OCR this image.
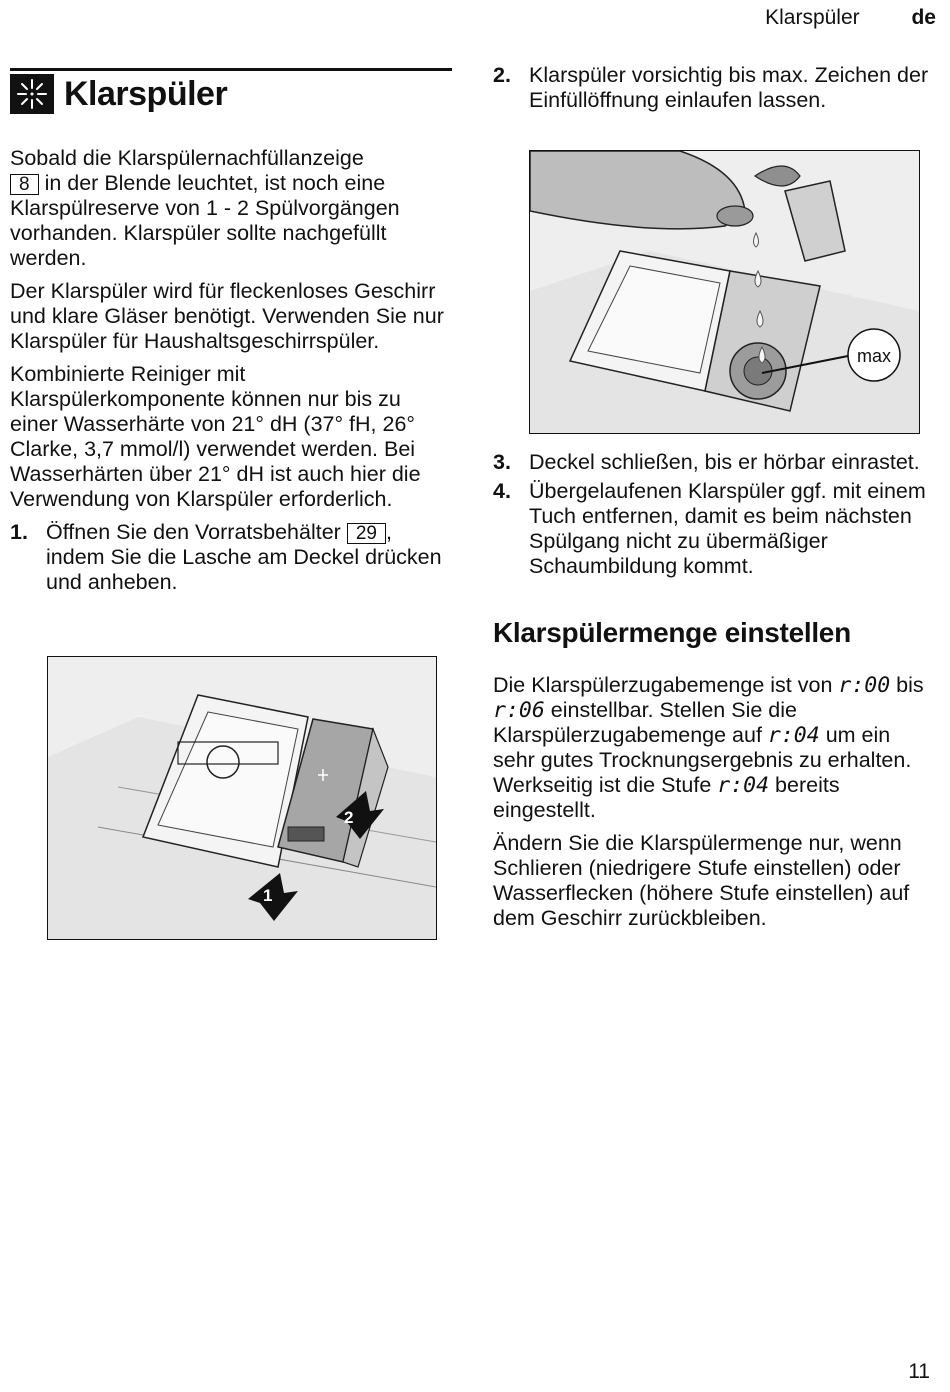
Klarspüler de
Klarspüler

Sobald die Klarspülernachfüllanzeige
8 in der Blende leuchtet, ist noch eine Klarspülreserve von 1 - 2 Spülvorgängen vorhanden. Klarspüler sollte nachgefüllt werden.

Der Klarspüler wird für fleckenloses Geschirr und klare Gläser benötigt. Verwenden Sie nur Klarspüler für Haushaltsgeschirrspüler.

Kombinierte Reiniger mit Klarspülerkomponente können nur bis zu einer Wasserhärte von 21° dH (37° fH, 26° Clarke, 3,7 mmol/l) verwendet werden. Bei Wasserhärten über 21° dH ist auch hier die Verwendung von Klarspüler erforderlich.

1. Öffnen Sie den Vorratsbehälter 29 , indem Sie die Lasche am Deckel drücken und anheben.
1
2
2. Klarspüler vorsichtig bis max. Zeichen der Einfüllöffnung einlaufen lassen.
max
3. Deckel schließen, bis er hörbar einrastet.
4. Übergelaufenen Klarspüler ggf. mit einem Tuch entfernen, damit es beim nächsten Spülgang nicht zu übermäßiger Schaumbildung kommt.
Klarspülermenge einstellen

Die Klarspülerzugabemenge ist von r:00 bis r:06 einstellbar. Stellen Sie die Klarspülerzugabemenge auf r:04 um ein sehr gutes Trocknungsergebnis zu erhalten. Werkseitig ist die Stufe r:04 bereits eingestellt.

Ändern Sie die Klarspülermenge nur, wenn Schlieren (niedrigere Stufe einstellen) oder Wasserflecken (höhere Stufe einstellen) auf dem Geschirr zurückbleiben.

11
